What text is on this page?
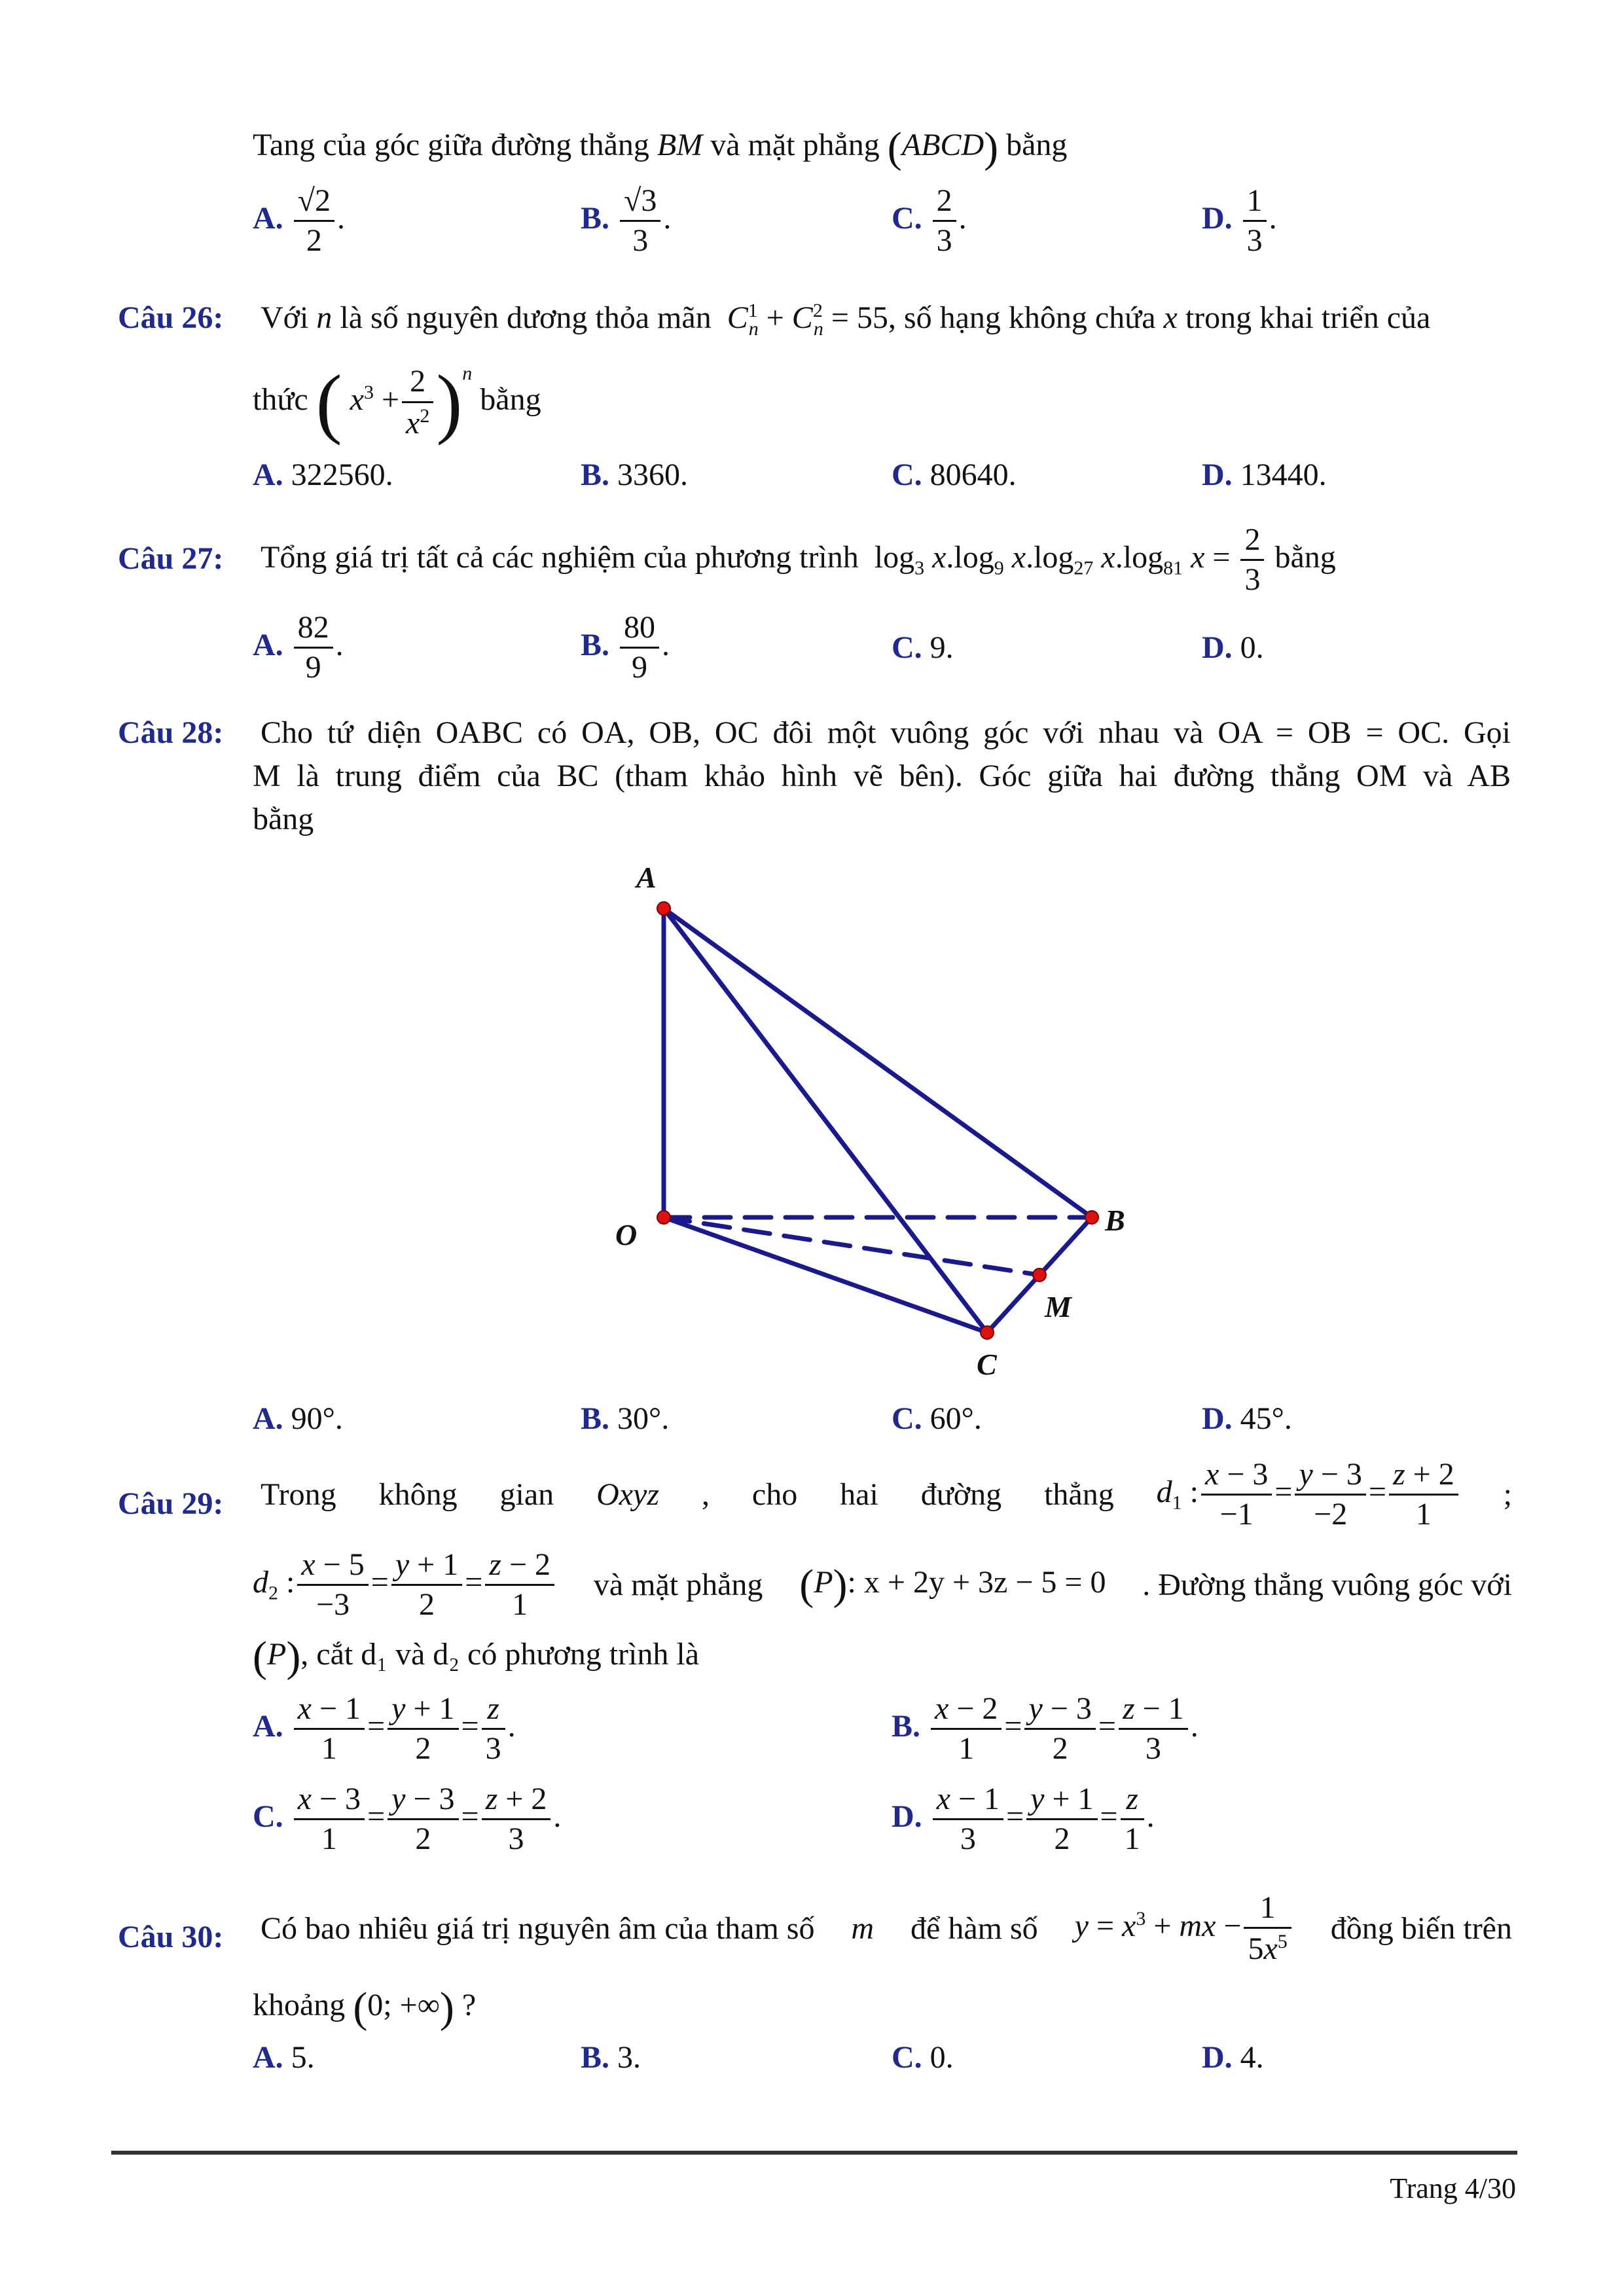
Tang của góc giữa đường thẳng BM và mặt phẳng (ABCD) bằng
A. $\frac{√2}{2}$ .	B. $\frac{√3}{3}$ .	C. $\frac{2}{3}$ .	D. $\frac{1}{3}$ .
Câu 26: Với n là số nguyên dương thỏa mãn $C^1_n + C^2_n = 55$, số hạng không chứa x trong khai triển của
thức ( $x^3 + \frac{2}{x^2} )^n$ bằng
A. 322560.	B. 3360.	C. 80640.	D. 13440.
Câu 27: Tổng giá trị tất cả các nghiệm của phương trình  $\log_3 x.\log_9$ $x.\log_{27}$ $x.\log_{81}$ $x = \frac{2}{3}$ bằng
A. $\frac{82}{9}$ .	B. $\frac{80}{9}$ .	C. 9.	D. 0.
Câu 28: Cho tứ diện OABC có OA, OB, OC đôi một vuông góc với nhau và OA = OB = OC. Gọi
M là trung điểm của BC (tham khảo hình vẽ bên). Góc giữa hai đường thẳng OM và AB
bằng
A
O	B
M
C
A. 90°.	B. 30°.	C. 60°.	D. 45°.
Câu 29: Trong không gian Oxyz , cho hai đường thẳng $d_1$ : $\frac{x - 3}{-1} = \frac{y - 3}{-2} = \frac{z + 2}{1}$ ;
$d_2$ : $\frac{x - 5}{-3} = \frac{y + 1}{2} = \frac{z - 2}{1}$ và mặt phẳng (P): x + 2y + 3z − 5 = 0 . Đường thẳng vuông góc với
(P), cắt d₁ và d₂ có phương trình là
A. $\frac{x - 1}{1} = \frac{y + 1}{2} = \frac{z}{3}$ .	B. $\frac{x - 2}{1} = \frac{y - 3}{2} = \frac{z - 1}{3}$ .
C. $\frac{x - 3}{1} = \frac{y - 3}{2} = \frac{z + 2}{3}$ .	D. $\frac{x - 1}{3} = \frac{y + 1}{2} = \frac{z}{1}$ .
Câu 30: Có bao nhiêu giá trị nguyên âm của tham số m để hàm số $y = x^3$ + mx − $\frac{1}{5x^5}$ đồng biến trên
khoảng (0; +∞) ?
A. 5.	B. 3.	C. 0.	D. 4.
Trang 4/30
